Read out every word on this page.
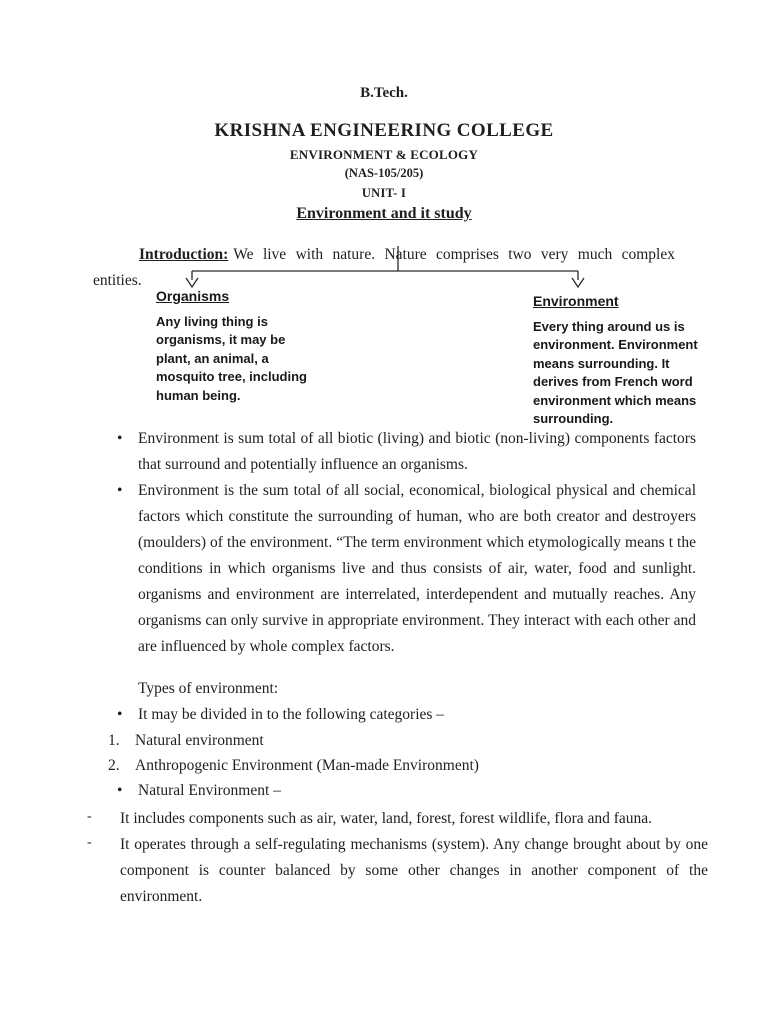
B.Tech.
KRISHNA ENGINEERING COLLEGE
ENVIRONMENT & ECOLOGY
(NAS-105/205)
UNIT- I
Environment and it study

Introduction: We live with nature. Nature comprises two very much complex entities.

Organisms
Any living thing is organisms, it may be plant, an animal, a mosquito tree, including human being.
Environment
Every thing around us is environment. Environment means surrounding. It derives from French word environment which means surrounding.
• Environment is sum total of all biotic (living) and biotic (non-living) components factors that surround and potentially influence an organisms.
• Environment is the sum total of all social, economical, biological physical and chemical factors which constitute the surrounding of human, who are both creator and destroyers (moulders) of the environment. “The term environment which etymologically means t the conditions in which organisms live and thus consists of air, water, food and sunlight. organisms and environment are interrelated, interdependent and mutually reaches. Any organisms can only survive in appropriate environment. They interact with each other and are influenced by whole complex factors.
Types of environment:
• It may be divided in to the following categories –
1. Natural environment
2. Anthropogenic Environment (Man-made Environment)
• Natural Environment –
- It includes components such as air, water, land, forest, forest wildlife, flora and fauna.
- It operates through a self-regulating mechanisms (system). Any change brought about by one component is counter balanced by some other changes in another component of the environment.
